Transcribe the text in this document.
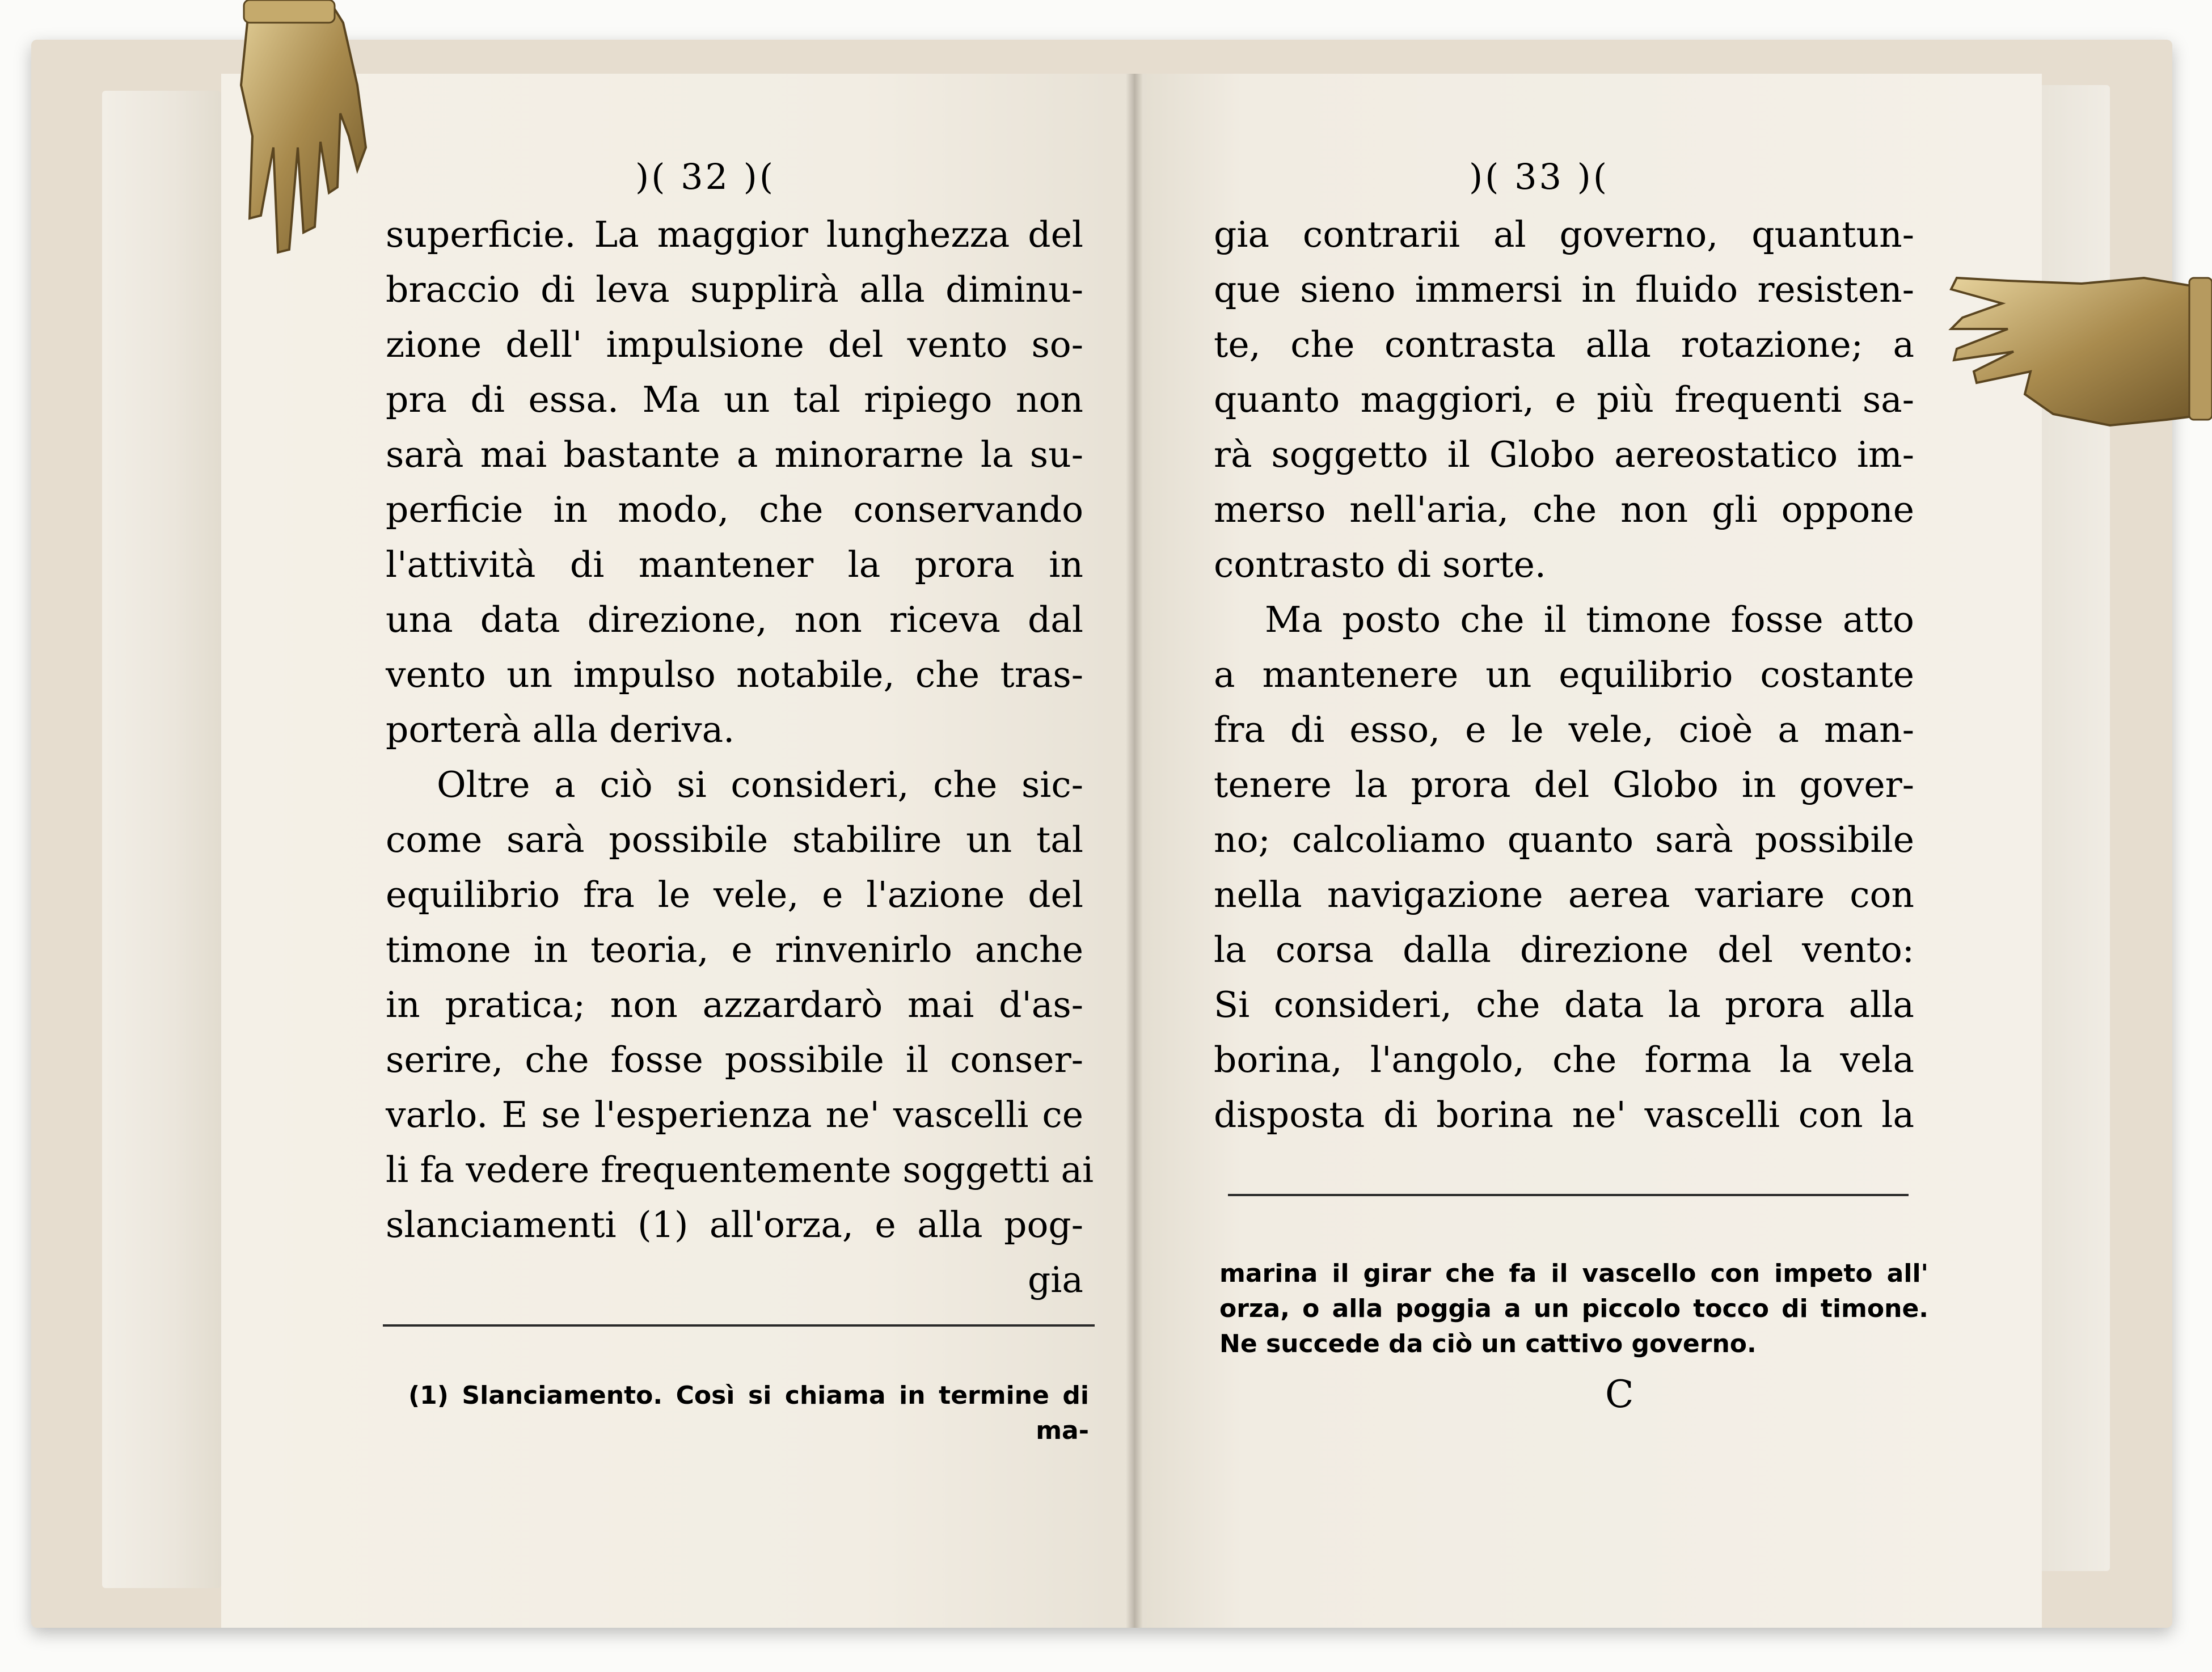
)( 32 )(
superficie. La maggior lunghezza del
braccio di leva supplirà alla diminu-
zione dell' impulsione del vento so-
pra di essa. Ma un tal ripiego non
sarà mai bastante a minorarne la su-
perficie in modo, che conservando
l'attività di mantener la prora in
una data direzione, non riceva dal
vento un impulso notabile, che tras-
porterà alla deriva.
Oltre a ciò si consideri, che sic-
come sarà possibile stabilire un tal
equilibrio fra le vele, e l'azione del
timone in teoria, e rinvenirlo anche
in pratica; non azzardarò mai d'as-
serire, che fosse possibile il conser-
varlo. E se l'esperienza ne' vascelli ce
li fa vedere frequentemente soggetti ai
slanciamenti (1) all'orza, e alla pog-
gia
(1) Slanciamento. Così si chiama in termine di
ma-
)( 33 )(
gia contrarii al governo, quantun-
que sieno immersi in fluido resisten-
te, che contrasta alla rotazione; a
quanto maggiori, e più frequenti sa-
rà soggetto il Globo aereostatico im-
merso nell'aria, che non gli oppone
contrasto di sorte.
Ma posto che il timone fosse atto
a mantenere un equilibrio costante
fra di esso, e le vele, cioè a man-
tenere la prora del Globo in gover-
no; calcoliamo quanto sarà possibile
nella navigazione aerea variare con
la corsa dalla direzione del vento:
Si consideri, che data la prora alla
borina, l'angolo, che forma la vela
disposta di borina ne' vascelli con la
marina il girar che fa il vascello con impeto all'
orza, o alla poggia a un piccolo tocco di timone.
Ne succede da ciò un cattivo governo.
C
